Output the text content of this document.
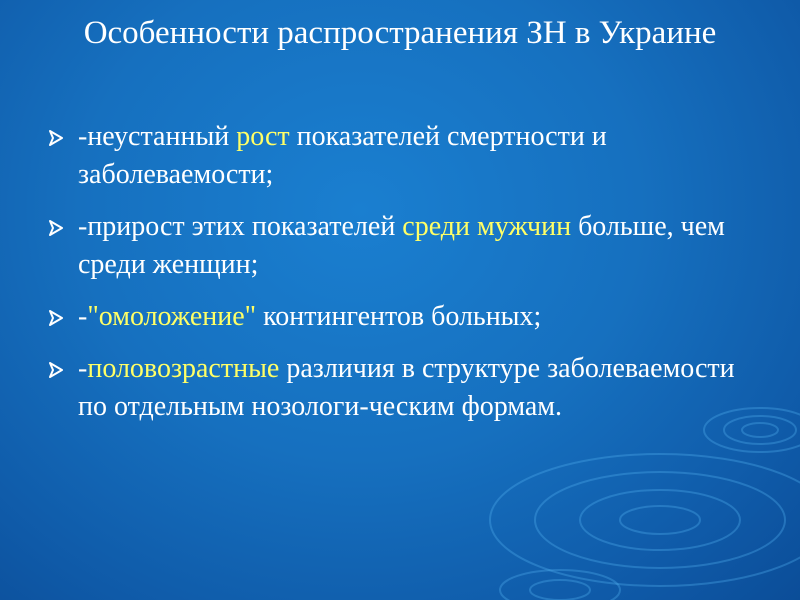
Особенности распространения ЗН в Украине
-неустанный рост показателей смертности и заболеваемости;
-прирост этих показателей среди мужчин больше, чем среди женщин;
-"омоложение" контингентов больных;
-половозрастные различия в структуре заболеваемости по отдельным нозологи-ческим формам.
